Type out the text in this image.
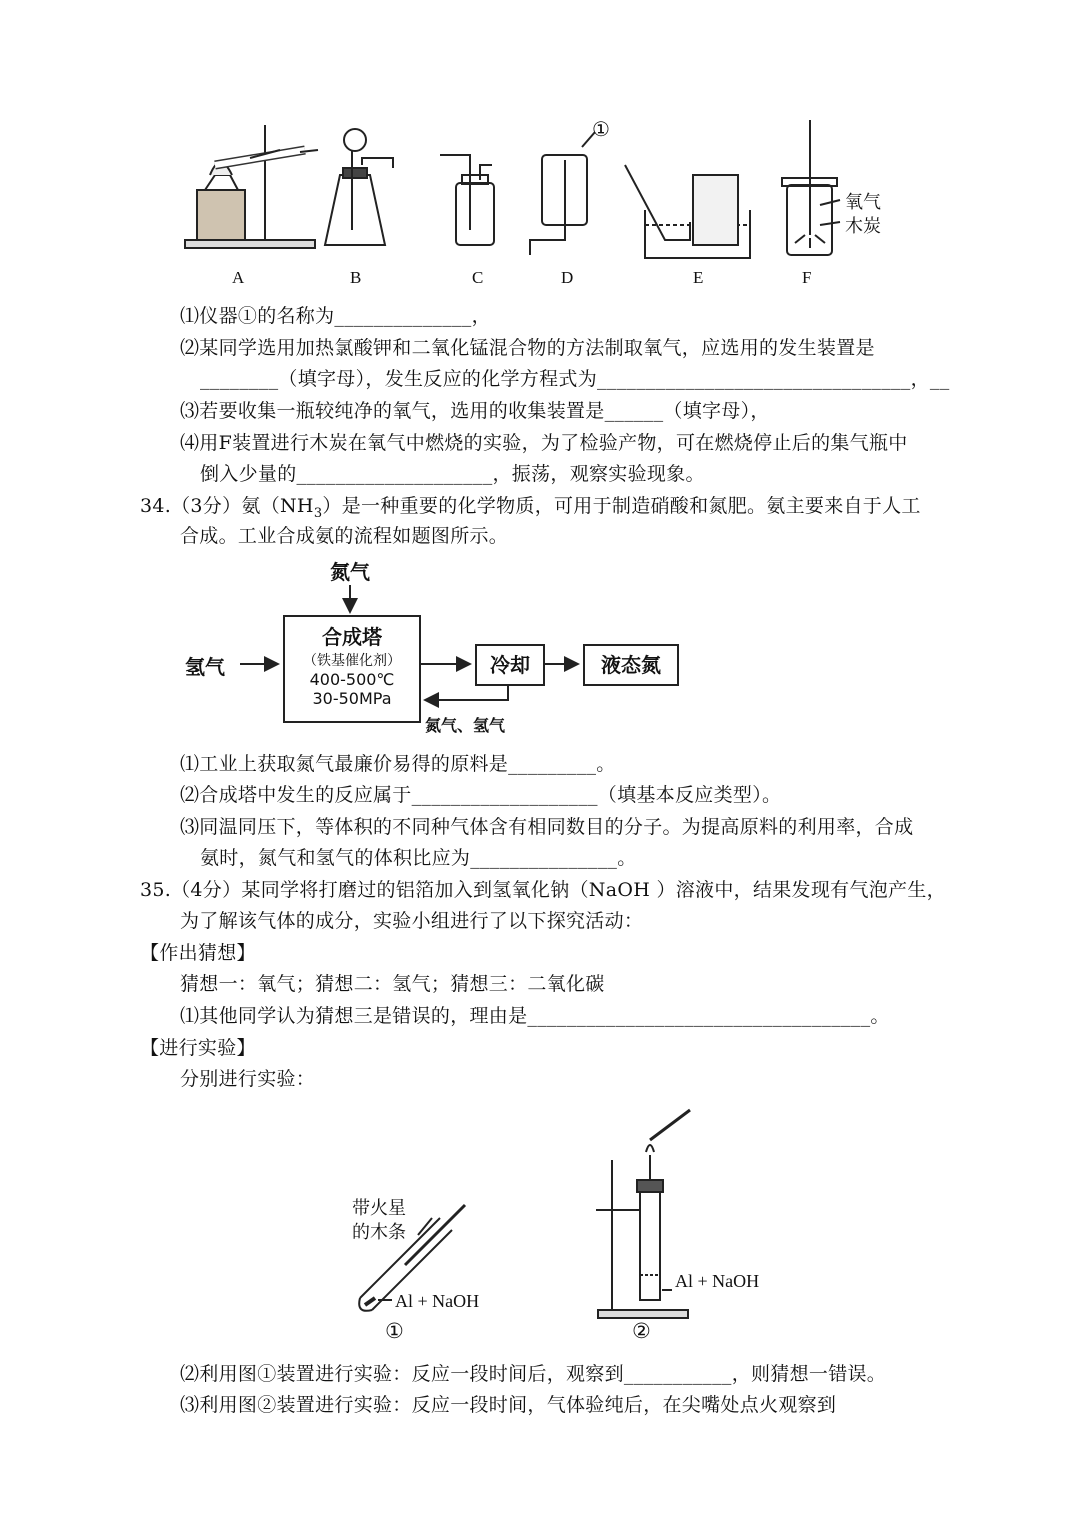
A	B	C	D	E	F
①
氧气
木炭
⑴仪器①的名称为______________，
⑵某同学选用加热氯酸钾和二氧化锰混合物的方法制取氧气，应选用的发生装置是
________（填字母），发生反应的化学方程式为________________________________，__
⑶若要收集一瓶较纯净的氧气，选用的收集装置是______（填字母），
⑷用F装置进行木炭在氧气中燃烧的实验，为了检验产物，可在燃烧停止后的集气瓶中
倒入少量的____________________，振荡，观察实验现象。
34.（3分）氨$(NH_3)$是一种重要的化学物质，可用于制造硝酸和氮肥。氨主要来自于人工
合成。工业合成氨的流程如题图所示。
氮气
氢气
合成塔
（铁基催化剂）
400-500℃
30-50MPa
冷却	液态氮
氮气、氢气
⑴工业上获取氮气最廉价易得的原料是_________。
⑵合成塔中发生的反应属于___________________（填基本反应类型）。
⑶同温同压下，等体积的不同种气体含有相同数目的分子。为提高原料的利用率，合成
氨时，氮气和氢气的体积比应为_______________。
35.（4分）某同学将打磨过的铝箔加入到氢氧化钠（NaOH ）溶液中，结果发现有气泡产生，
为了解该气体的成分，实验小组进行了以下探究活动：
【作出猜想】
猜想一：氧气；猜想二：氢气；猜想三：二氧化碳
⑴其他同学认为猜想三是错误的，理由是___________________________________。
【进行实验】
分别进行实验：
带火星
的木条
Al + NaOH
①
Al + NaOH
②
⑵利用图①装置进行实验：反应一段时间后，观察到___________，则猜想一错误。
⑶利用图②装置进行实验：反应一段时间，气体验纯后，在尖嘴处点火观察到
